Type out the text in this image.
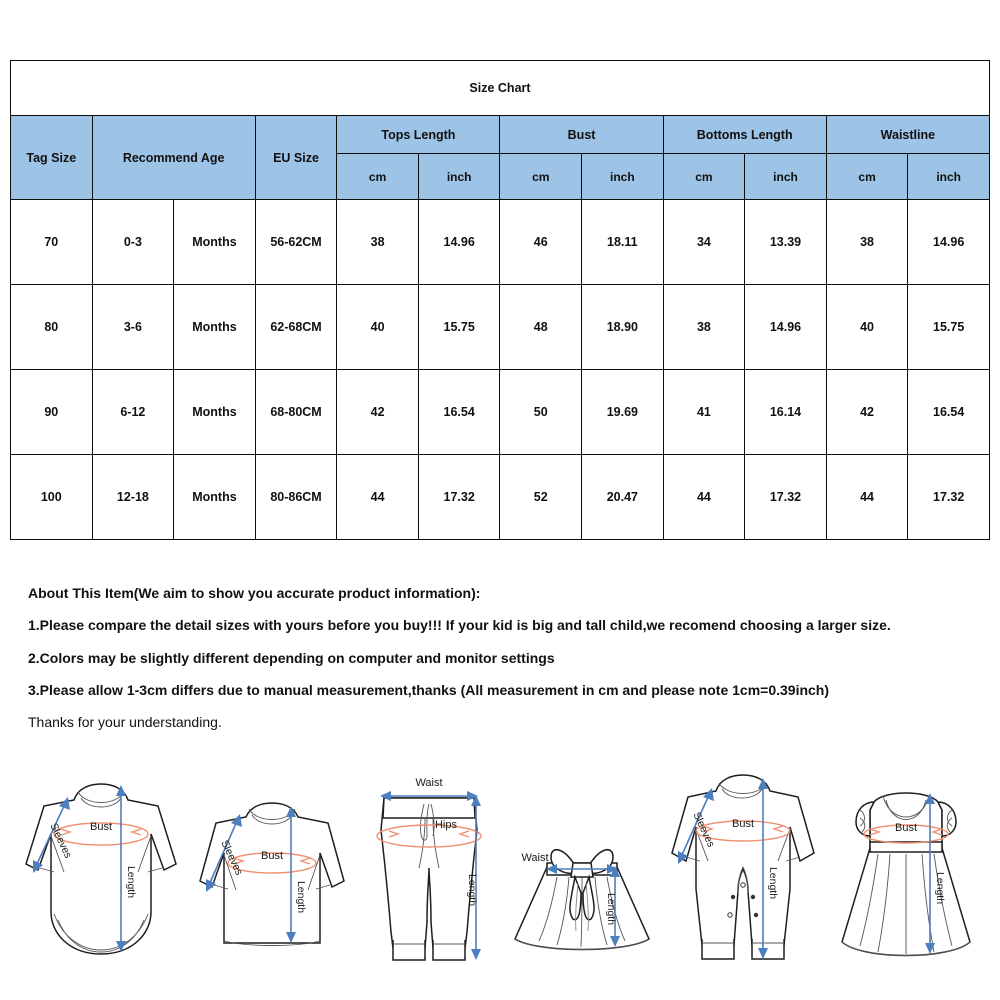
Size Chart											
Tag Size	Recommend Age		EU Size	Tops Length		Bust		Bottoms Length		Waistline	
				cm	inch	cm	inch	cm	inch	cm	inch
70	0-3	Months	56-62CM	38	14.96	46	18.11	34	13.39	38	14.96
80	3-6	Months	62-68CM	40	15.75	48	18.90	38	14.96	40	15.75
90	6-12	Months	68-80CM	42	16.54	50	19.69	41	16.14	42	16.54
100	12-18	Months	80-86CM	44	17.32	52	20.47	44	17.32	44	17.32

About This Item(We aim to show you accurate product information):

1.Please compare the detail sizes with yours before you buy!!! If your kid is big and tall child,we recomend choosing a larger size.

2.Colors may be slightly different depending on computer and monitor settings

3.Please allow 1-3cm differs due to manual measurement,thanks (All measurement in cm and please note 1cm=0.39inch)

Thanks for your understanding.

Bust
Length
Sleeves	Bust
Length
Sleeves
Hips
Waist
Length
Waist
Length
Bust
Length
Sleeves	Bust
Length
